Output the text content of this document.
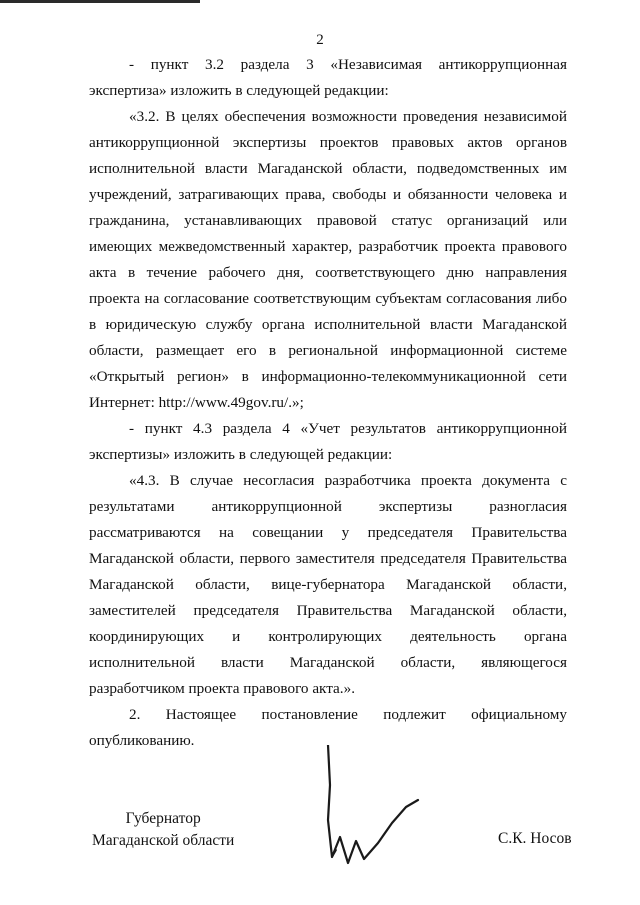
2

- пункт 3.2 раздела 3 «Независимая антикоррупционная экспертиза» изложить в следующей редакции:

«3.2. В целях обеспечения возможности проведения независимой антикоррупционной экспертизы проектов правовых актов органов исполнительной власти Магаданской области, подведомственных им учреждений, затрагивающих права, свободы и обязанности человека и гражданина, устанавливающих правовой статус организаций или имеющих межведомственный характер, разработчик проекта правового акта в течение рабочего дня, соответствующего дню направления проекта на согласование соответствующим субъектам согласования либо в юридическую службу органа исполнительной власти Магаданской области, размещает его в региональной информационной системе «Открытый регион» в информационно-телекоммуникационной сети Интернет: http://www.49gov.ru/.»;

- пункт 4.3 раздела 4 «Учет результатов антикоррупционной экспертизы» изложить в следующей редакции:

«4.3. В случае несогласия разработчика проекта документа с результатами антикоррупционной экспертизы разногласия рассматриваются на совещании у председателя Правительства Магаданской области, первого заместителя председателя Правительства Магаданской области, вице-губернатора Магаданской области, заместителей председателя Правительства Магаданской области, координирующих и контролирующих деятельность органа исполнительной власти Магаданской области, являющегося разработчиком проекта правового акта.».

2. Настоящее постановление подлежит официальному опубликованию.

Губернатор
Магаданской области	С.К. Носов
